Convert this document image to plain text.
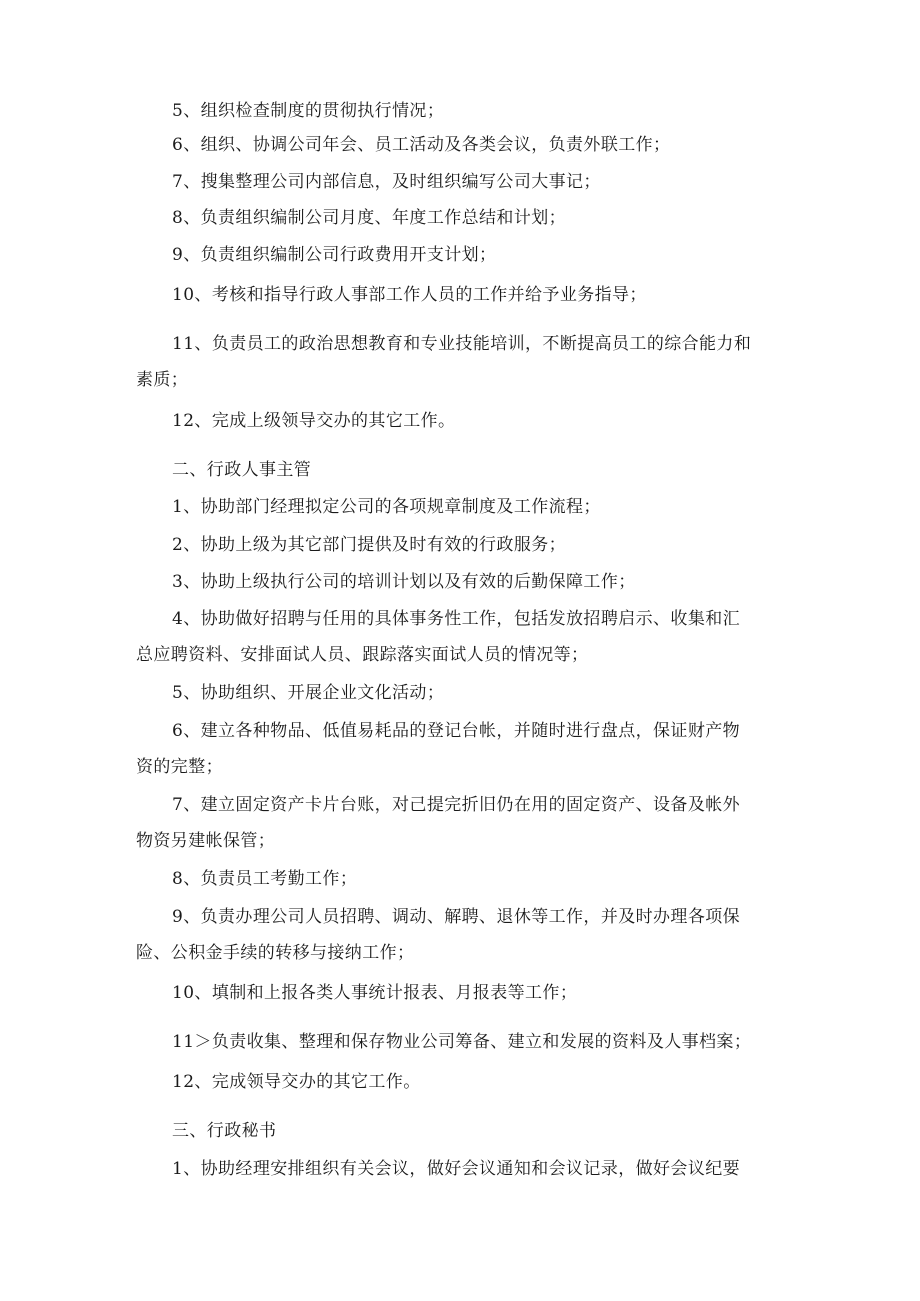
5、组织检查制度的贯彻执行情况；
6、组织、协调公司年会、员工活动及各类会议，负责外联工作；
7、搜集整理公司内部信息，及时组织编写公司大事记；
8、负责组织编制公司月度、年度工作总结和计划；
9、负责组织编制公司行政费用开支计划；
10、考核和指导行政人事部工作人员的工作并给予业务指导；
11、负责员工的政治思想教育和专业技能培训，不断提高员工的综合能力和
素质；
12、完成上级领导交办的其它工作。
二、行政人事主管
1、协助部门经理拟定公司的各项规章制度及工作流程；
2、协助上级为其它部门提供及时有效的行政服务；
3、协助上级执行公司的培训计划以及有效的后勤保障工作；
4、协助做好招聘与任用的具体事务性工作，包括发放招聘启示、收集和汇
总应聘资料、安排面试人员、跟踪落实面试人员的情况等；
5、协助组织、开展企业文化活动；
6、建立各种物品、低值易耗品的登记台帐，并随时进行盘点，保证财产物
资的完整；
7、建立固定资产卡片台账，对己提完折旧仍在用的固定资产、设备及帐外
物资另建帐保管；
8、负责员工考勤工作；
9、负责办理公司人员招聘、调动、解聘、退休等工作，并及时办理各项保
险、公积金手续的转移与接纳工作；
10、填制和上报各类人事统计报表、月报表等工作；
11＞负责收集、整理和保存物业公司筹备、建立和发展的资料及人事档案；
12、完成领导交办的其它工作。
三、行政秘书
1、协助经理安排组织有关会议，做好会议通知和会议记录，做好会议纪要
